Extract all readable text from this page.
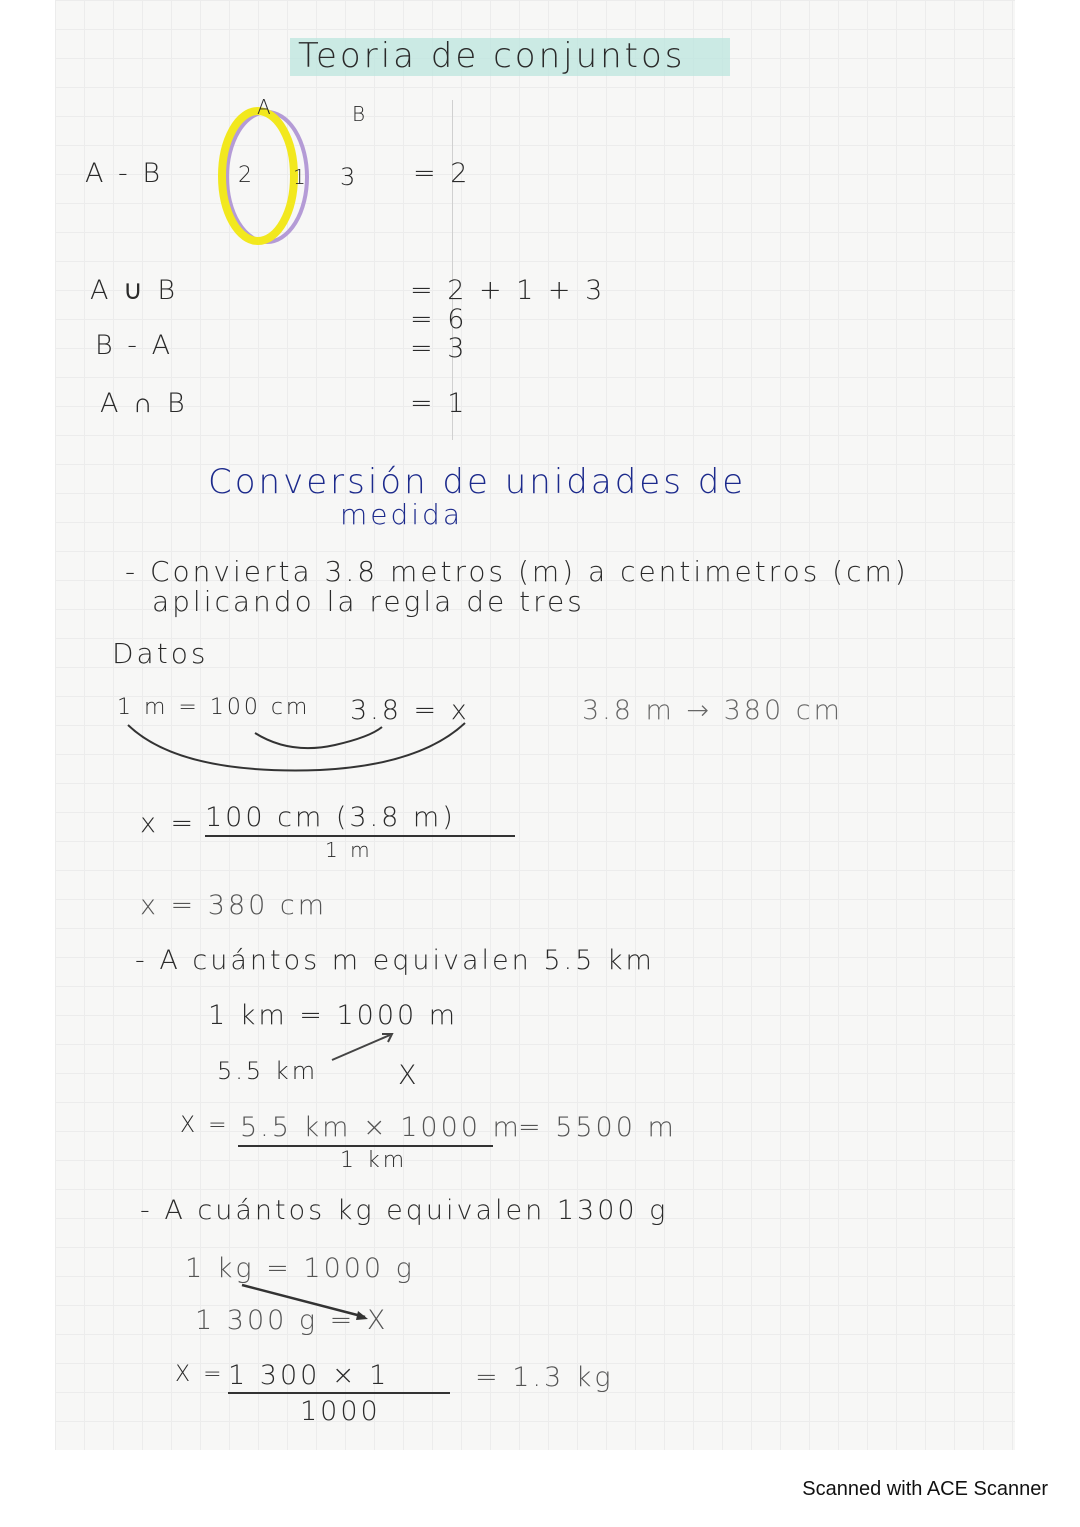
Teoria de conjuntos
A	B
2 1 3
A - B	= 2
A ∪ B	= 2 + 1 + 3
= 6
B - A	= 3
A ∩ B	= 1
Conversión de unidades de
medida
- Convierta 3.8 metros (m) a centimetros (cm)
aplicando la regla de tres
Datos
1 m = 100 cm 3.8 = x	3.8 m → 380 cm
x = 100 cm (3.8 m)
1 m
x = 380 cm
- A cuántos m equivalen 5.5 km
1 km = 1000 m
5.5 km	X
X = 5.5 km × 1000 m
1 km
= 5500 m
- A cuántos kg equivalen 1300 g
1 kg = 1000 g
1 300 g = X
X = 1 300 × 1
1000
= 1.3 kg
Scanned with ACE Scanner
